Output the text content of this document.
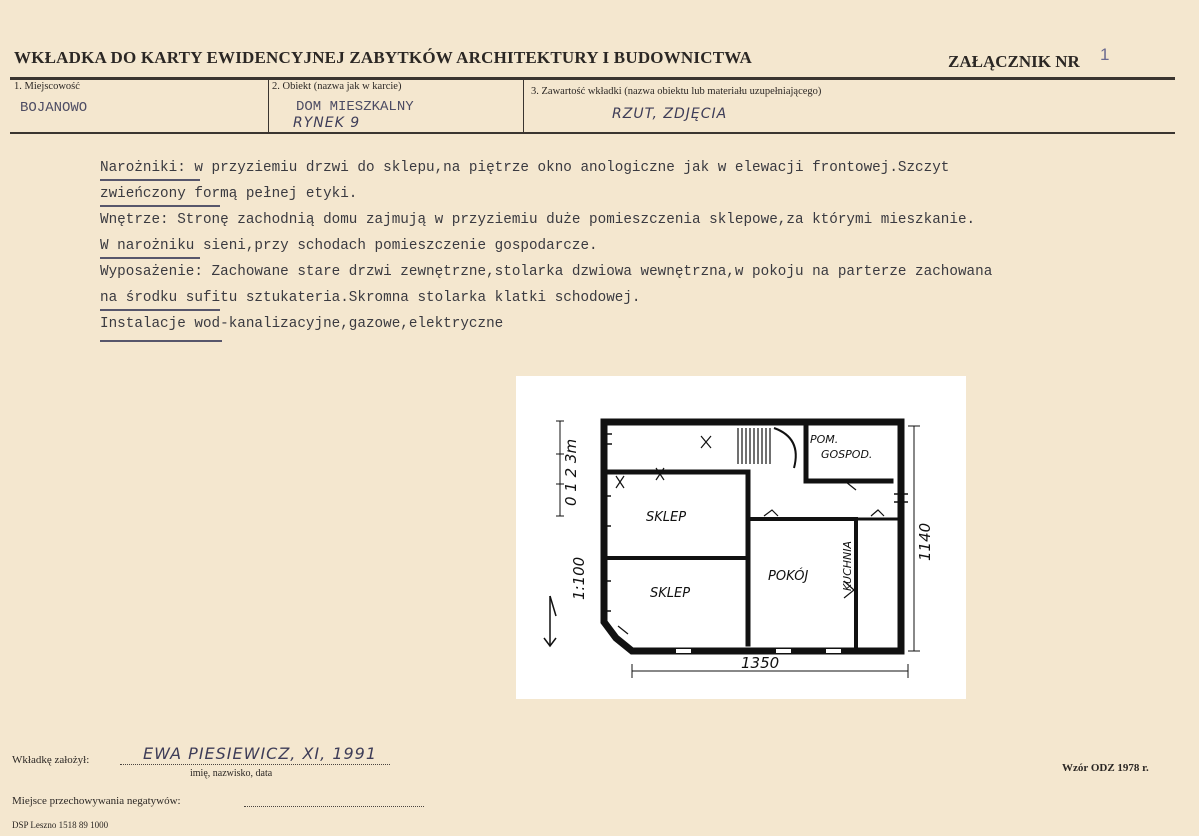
WKŁADKA DO KARTY EWIDENCYJNEJ ZABYTKÓW ARCHITEKTURY I BUDOWNICTWA	ZAŁĄCZNIK NR 1
1. Miejscowość
BOJANOWO
2. Obiekt (nazwa jak w karcie)
DOM MIESZKALNY
RYNEK 9
3. Zawartość wkładki (nazwa obiektu lub materiału uzupełniającego)
RZUT, ZDJĘCIA
Narożniki: w przyziemiu drzwi do sklepu,na piętrze okno anologiczne jak w elewacji frontowej.Szczyt
zwieńczony formą pełnej etyki.
Wnętrze: Stronę zachodnią domu zajmują w przyziemiu duże pomieszczenia sklepowe,za którymi mieszkanie.
W narożniku sieni,przy schodach pomieszczenie gospodarcze.
Wyposażenie: Zachowane stare drzwi zewnętrzne,stolarka dzwiowa wewnętrzna,w pokoju na parterze zachowana
na środku sufitu sztukateria.Skromna stolarka klatki schodowej.
Instalacje wod-kanalizacyjne,gazowe,elektryczne
SKLEP
SKLEP
POKÓJ
POM.
GOSPOD.
KUCHNIA
1350
1140
0 1 2 3m
1:100
Wkładkę założył:	EWA PIESIEWICZ, XI, 1991
imię, nazwisko, data	Wzór ODZ 1978 r.
Miejsce przechowywania negatywów:
DSP Leszno 1518 89 1000
